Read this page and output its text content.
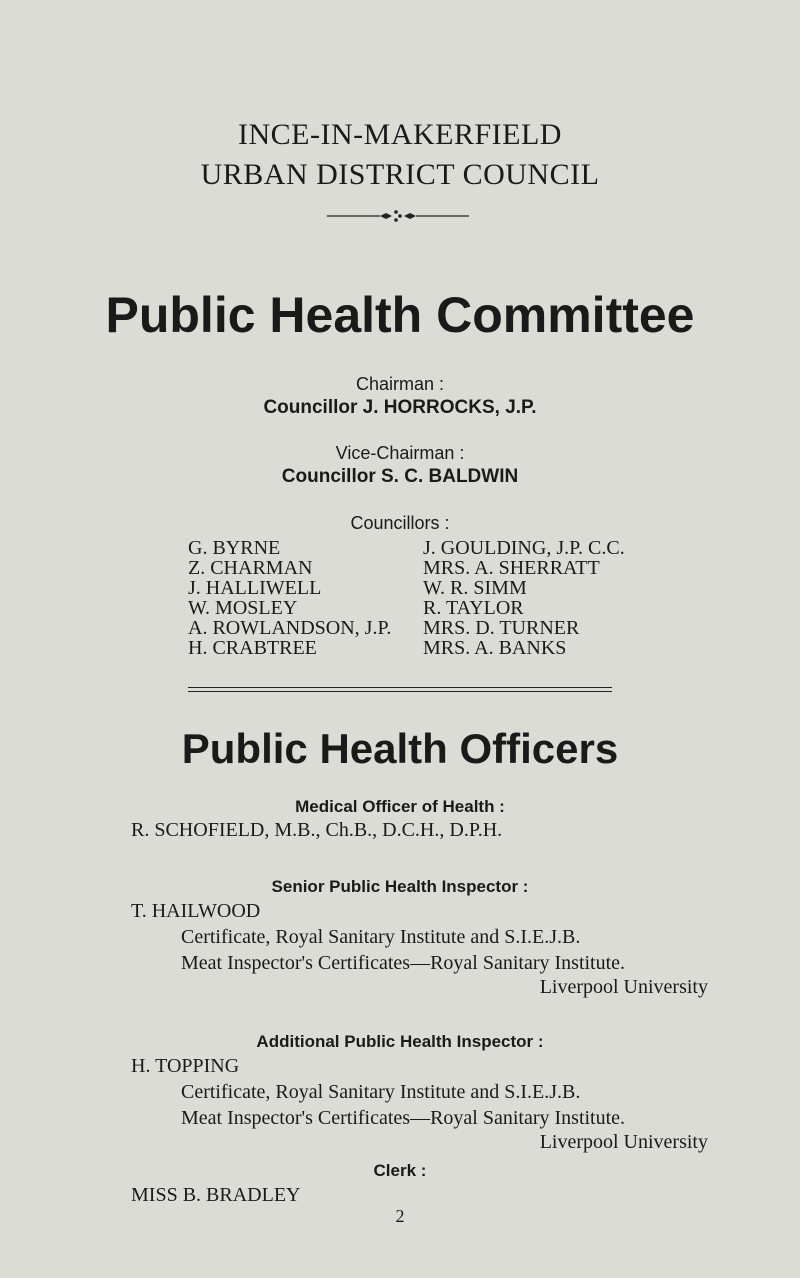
INCE-IN-MAKERFIELD
URBAN DISTRICT COUNCIL
Public Health Committee
Chairman :
Councillor J. HORROCKS, J.P.
Vice-Chairman :
Councillor S. C. BALDWIN
Councillors :
G. BYRNE
Z. CHARMAN
J. HALLIWELL
W. MOSLEY
A. ROWLANDSON, J.P.
H. CRABTREE
J. GOULDING, J.P. C.C.
MRS. A. SHERRATT
W. R. SIMM
R. TAYLOR
MRS. D. TURNER
MRS. A. BANKS
Public Health Officers
Medical Officer of Health :
R. SCHOFIELD, M.B., Ch.B., D.C.H., D.P.H.
Senior Public Health Inspector :
T. HAILWOOD
Certificate, Royal Sanitary Institute and S.I.E.J.B.
Meat Inspector's Certificates—Royal Sanitary Institute.
Liverpool University
Additional Public Health Inspector :
H. TOPPING
Certificate, Royal Sanitary Institute and S.I.E.J.B.
Meat Inspector's Certificates—Royal Sanitary Institute.
Liverpool University
Clerk :
MISS B. BRADLEY
2
